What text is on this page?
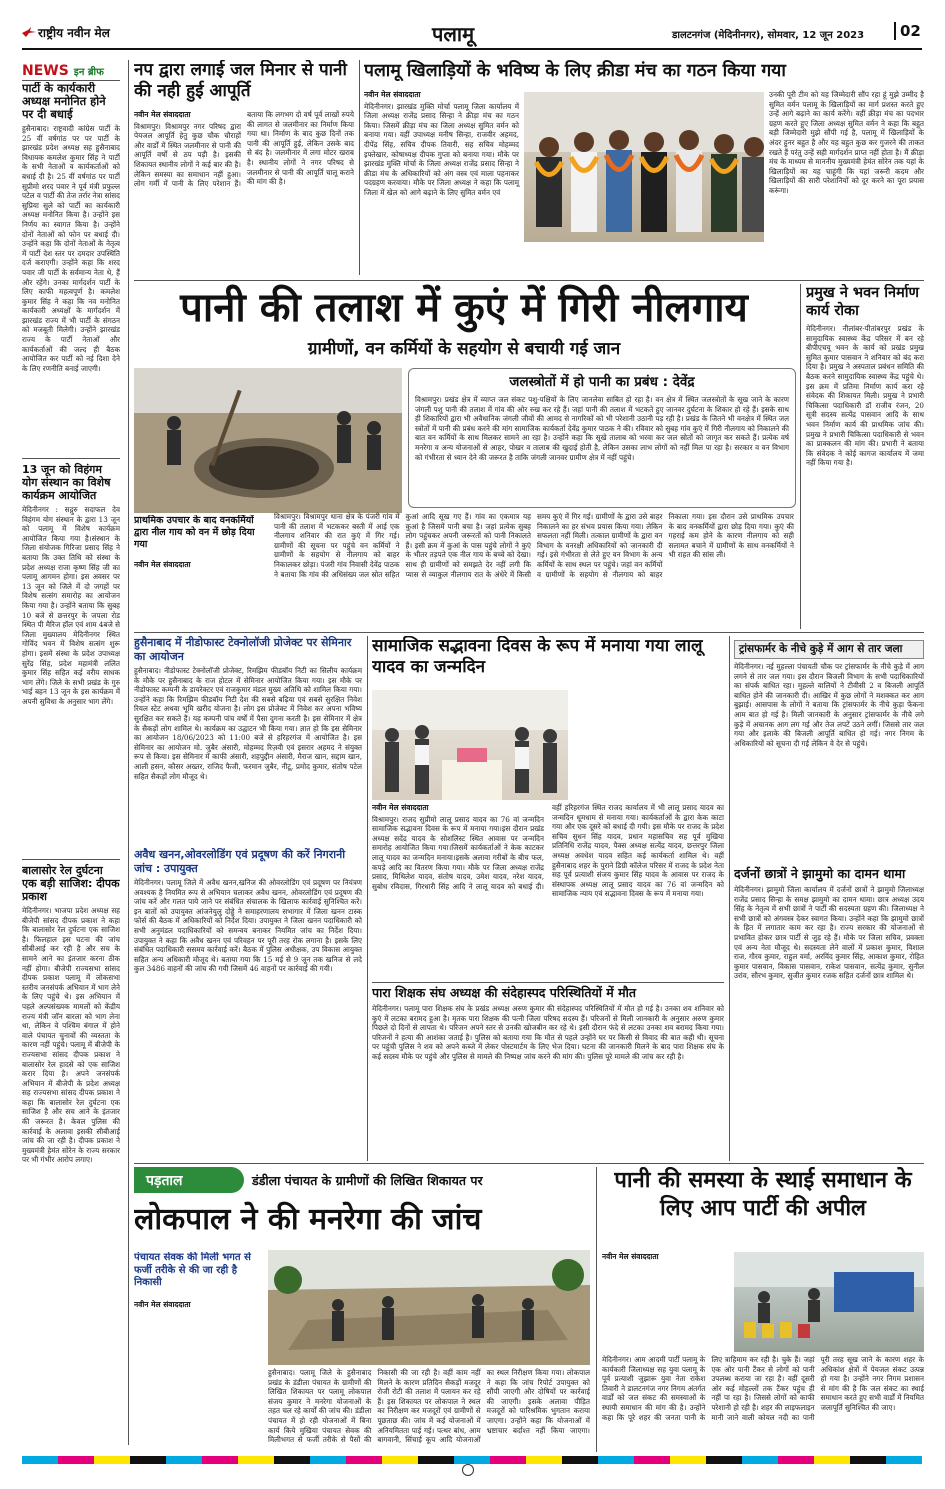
राष्ट्रीय नवीन मेल	पलामू	डालटनगंज (मेदिनीनगर), सोमवार, 12 जून 2023	02
NEWS इन ब्रीफ
पार्टी के कार्यकारी अध्यक्ष मनोनित होने पर दी बधाई
हुसैनाबाद। राष्ट्रवादी कांग्रेस पार्टी के 25 वीं वर्षगांठ पर पर पार्टी के झारखंड प्रदेश अध्यक्ष सह हुसैनाबाद विधायक कमलेश कुमार सिंह ने पार्टी के सभी नेताओं व कार्यकर्ताओं को बधाई दी है। 25 वीं वर्षगांठ पर पार्टी सुप्रीमो शरद पवार ने पूर्व मंत्री प्रफुल्ल पटेल व पार्टी की तेज तर्रार नेत्रा सांसद सुप्रिया सुले को पार्टी का कार्यकारी अध्यक्ष मनोनित किया है। उन्होंने इस निर्णय का स्वागत किया है। उन्होंने दोनों नेताओं को फोन पर बधाई दी। उन्होंने कहा कि दोनों नेताओं के नेतृत्व में पार्टी देश स्तर पर दमदार उपस्थिति दर्ज कराएगी। उन्होंने कहा कि शरद पवार जी पार्टी के सर्वमान्य नेता थे, हैं और रहेंगे। उनका मार्गदर्शन पार्टी के लिए काफी महत्वपूर्ण है। कमलेश कुमार सिंह ने कहा कि नव मनोनित कार्यकारी अध्यक्षों के मार्गदर्शन में झारखंड राज्य में भी पार्टी के संगठन को मजबूती मिलेगी। उन्होंने झारखंड राज्य के पार्टी नेताओं और कार्यकर्ताओं की जल्द ही बैठक आयोजित कर पार्टी को नई दिशा देने के लिए रणनीति बनाई जाएगी।
13 जून को विहंगम योग संस्थान का विशेष कार्यक्रम आयोजित
मेदिनीनगर : सद्गुरु सदाफल देव विहंगम योग संस्थान के द्वारा 13 जून को पलामू में विशेष कार्यक्रम आयोजित किया गया है।संस्थान के जिला संयोजक गिरिजा प्रसाद सिंह ने बताया कि उक्त तिथि को संस्था के प्रदेश अध्यक्ष राजा कृष्ण सिंह जी का पलामू आगमन होगा। इस अवसर पर 13 जून को जिले में दो जगहों पर विशेष सत्संग समारोह का आयोजन किया गया है। उन्होंने बताया कि सुबह 10 बजे से छत्तरपुर के जपला रोड स्थित पी मैरिज हॉल एवं शाम 4बजे से जिला मुख्यालय मेदिनीनगर स्थित गोविंद भवन में विशेष सत्संग शुरू होगा। इसमें संस्था के प्रदेश उपाध्यक्ष सुरेंद्र सिंह, प्रदेश महामंत्री ललित कुमार सिंह सहित कई वरीय साधक भाग लेंगे। जिले के सभी प्रखंड के गुरु भाई बहन 13 जून के इस कार्यक्रम में अपनी सुविधा के अनुसार भाग लेंगे।
बालासोर रेल दुर्घटना एक बड़ी साजिश: दीपक प्रकाश
मेदिनीनगर। भाजपा प्रदेश अध्यक्ष सह बीजेपी सांसद दीपक प्रकाश ने कहा कि बालासोर रेल दुर्घटना एक साजिश है। फिलहाल इस घटना की जांच सीबीआई कर रही है और सच के सामने आने का इंतजार करना ठीक नहीं होगा। बीजेपी राज्यसभा सांसद दीपक प्रकाश पलामू में लोकसभा स्तरीय जनसंपर्क अभियान में भाग लेने के लिए पहुंचे थे। इस अभियान में पहले अल्पसंख्यक मामलों को केंद्रीय राज्य मंत्री जॉन बारला को भाग लेना था, लेकिन वे पश्चिम बंगाल में होने वाले पंचायत चुनावों की व्यस्तता के कारण नहीं पहुंचे। पलामू में बीजेपी के राज्यसभा सांसद दीपक प्रकाश ने बालासोर रेल हादसे को एक साजिश करार दिया है। अपने जनसंपर्क अभियान में बीजेपी के प्रदेश अध्यक्ष सह राज्यसभा सांसद दीपक प्रकाश ने कहा कि बालासोर रेल दुर्घटना एक साजिश है और सच आने के इंतजार की जरूरत है। केवल पुलिस की कार्रवाई के अलावा इसकी सीबीआई जांच की जा रही है। दीपक प्रकाश ने मुख्यमंत्री हेमंत सोरेन के राज्य सरकार पर भी गंभीर आरोप लगाए।
नप द्वारा लगाई जल मिनार से पानी की नही हुई आपूर्ति
नवीन मेल संवाददाता
विश्रामपुर। विश्रामपुर नगर परिषद द्वारा पेयजल आपूर्ति हेतु कुछ चौक चौराहों और वार्डों में स्थित जलमीनार से पानी की आपूर्ति वर्षों से ठप पड़ी है। इसकी शिकायत स्थानीय लोगों ने कई बार की है। लेकिन समस्या का समाधान नहीं हुआ। लोग गर्मी में पानी के लिए परेशान हैं। बताया कि लगभग दो वर्ष पूर्व लाखों रुपये की लागत से जलमीनार का निर्माण किया गया था। निर्माण के बाद कुछ दिनों तक पानी की आपूर्ति हुई, लेकिन उसके बाद से बंद है। जलमीनार में लगा मोटर खराब है। स्थानीय लोगों ने नगर परिषद से जलमीनार से पानी की आपूर्ति चालू कराने की मांग की है।
पलामू खिलाड़ियों के भविष्य के लिए क्रीडा मंच का गठन किया गया
नवीन मेल संवाददाता
मेदिनीनगर। झारखंड मुक्ति मोर्चा पलामू जिला कार्यालय में जिला अध्यक्ष राजेंद्र प्रसाद सिन्हा ने क्रीड़ा मंच का गठन किया। जिसमें क्रीड़ा मंच का जिला अध्यक्ष सुमित वर्मन को बनाया गया। वहीं उपाध्यक्ष मनीष सिन्हा, राजवीर अहमद, दीपेंद्र सिंह, सचिव दीपक तिवारी, सह सचिव मोहम्मद इफ्तेखार, कोषाध्यक्ष दीपक गुप्ता को बनाया गया। मौके पर झारखंड मुक्ति मोर्चा के जिला अध्यक्ष राजेंद्र प्रसाद सिन्हा ने क्रीडा मंच के अधिकारियों को अंग वस्त्र एवं माला पहनाकर पदग्रहण करवाया। मौके पर जिला अध्यक्ष ने कहा कि पलामू जिला में खेल को आगे बढ़ाने के लिए सुमित वर्मन एवं
उनकी पूरी टीम को यह जिम्मेदारी सौंप रहा हूं मुझे उम्मीद है सुमित वर्मन पलामू के खिलाड़ियों का मार्ग प्रशस्त करते हुए उन्हें आगे बढ़ाने का कार्य करेंगे। वहीं क्रीड़ा मंच का पदभार ग्रहण करते हुए जिला अध्यक्ष सुमित वर्मन ने कहा कि बहुत बड़ी जिम्मेदारी मुझे सौंपी गई है, पलामू में खिलाड़ियों के अंदर हुनर बहुत है और यह बहुत कुछ कर गुजरने की ताकत रखते हैं परंतु उन्हें सही मार्गदर्शन प्राप्त नहीं होता है। मैं क्रीड़ा मंच के माध्यम से माननीय मुख्यमंत्री हेमंत सोरेन तक यहां के खिलाड़ियों का यह चाहूंगी कि यहां जरूरी कदम और खिलाड़ियों की सारी परेशानियों को दूर करने का पूरा प्रयास करूंगा।
पानी की तलाश में कुएं में गिरी नीलगाय
ग्रामीणों, वन कर्मियों के सहयोग से बचायी गई जान
प्राथमिक उपचार के बाद वनकर्मियों द्वारा नील गाय को वन में छोड़ दिया गया
नवीन मेल संवाददाता
जलस्त्रोतों में हो पानी का प्रबंध : देवेंद्र
विश्रामपुर। प्रखंड क्षेत्र में व्याप्त जल संकट पशु-पक्षियों के लिए जानलेवा साबित हो रहा है। वन क्षेत्र में स्थित जलस्त्रोतों के सूख जाने के कारण जंगली पशु पानी की तलाश में गांव की ओर रुख कर रहे हैं। जहां पानी की तलाश में भटकते हुए जानवर दुर्घटना के शिकार हो रहे हैं। इसके साथ ही शिकारियों द्वारा भी अवैधानिक जंगली जीवों की आमद से नागरिकों को भी परेशानी उठानी पड़ रही है। प्रखंड के जितने भी वनक्षेत्र में स्थित जल स्त्रोतों में पानी की प्रबंध करने की मांग सामाजिक कार्यकर्ता देवेंद्र कुमार पाठक ने की। रविवार को सुबह गांव कुएं में गिरी नीलगाय को निकालने की बात वन कर्मियों के साथ मिलकर सामने आ रहा है। उन्होंने कहा कि सूखे तालाब को भरवा कर जल स्रोतों को जागृत कर सकते हैं। प्रत्येक वर्ष मनरेगा व अन्य योजनाओं से आहर, पोखर व तालाब की खुदाई होती है, लेकिन उसका लाभ लोगों को नहीं मिल पा रहा है। सरकार व वन विभाग को गंभीरता से ध्यान देने की जरूरत है ताकि जंगली जानवर ग्रामीण क्षेत्र में नहीं पहुंचे।
विश्रामपुर। विश्रामपुर थाना क्षेत्र के पंजरी गांव में पानी की तलाश में भटककर बस्ती में आई एक नीलगाय शनिवार की रात कुएं में गिर गई। ग्रामीणों की सूचना पर पहुंचे वन कर्मियों ने ग्रामीणों के सहयोग से नीलगाय को बाहर निकालकर छोड़ा। पंजरी गांव निवासी देवेंद्र पाठक ने बताया कि गांव की अधिसंख्य जल स्रोत सहित कुआं आदि सूख गए हैं। गांव का एकमात्र यह कुआं है जिसमें पानी बचा है। जहां प्रत्येक सुबह लोग पहुंचकर अपनी जरूरतों को पानी निकालते हैं। इसी क्रम में कुआं के पास पहुंचे लोगों ने कुएं के भीतर तड़पते एक नील गाय के बच्चे को देखा। साथ ही ग्रामीणों को समझते देर नहीं लगी कि प्यास से व्याकुल नीलगाय रात के अंधेरे में किसी समय कुएं में गिर गई। ग्रामीणों के द्वारा उसे बाहर निकालने का हर संभव प्रयास किया गया। लेकिन सफलता नहीं मिली। तत्काल ग्रामीणों के द्वारा वन विभाग के वनरक्षी अधिकारियों को जानकारी दी गई। इसे गंभीरता से लेते हुए वन विभाग के अन्य कर्मियों के साथ स्थल पर पहुंचे। जहां वन कर्मियों व ग्रामीणों के सहयोग से नीलगाय को बाहर निकाला गया। इस दौरान उसे प्राथमिक उपचार के बाद वनकर्मियों द्वारा छोड़ दिया गया। कुएं की गहराई कम होने के कारण नीलगाय को सही सलामत बचाने में ग्रामीणों के साथ वनकर्मियों ने भी राहत की सांस ली।
प्रमुख ने भवन निर्माण कार्य रोका
मेदिनीनगर। नीलांबर-पीतांबरपुर प्रखंड के सामुदायिक स्वास्थ्य केंद्र परिसर में बन रहे बीपीएचयू भवन के कार्य को प्रखंड प्रमुख सुमित कुमार पासवान ने शनिवार को बंद करा दिया है। प्रमुख ने अस्पताल प्रबंधन समिति की बैठक करने सामुदायिक स्वास्थ्य केंद्र पहुंचे थे। इस क्रम में प्रतिमा निर्माण कार्य करा रहे संवेदक की शिकायत मिली। प्रमुख ने प्रभारी चिकित्सा पदाधिकारी डॉ राजीव रंजन, 20 सूत्री सदस्य सत्येंद्र पासवान आदि के साथ भवन निर्माण कार्य की प्राथमिक जांच की। प्रमुख ने प्रभारी चिकित्सा पदाधिकारी से भवन का प्राक्कलन की मांग की। प्रभारी ने बताया कि संवेदक ने कोई कागज कार्यालय में जमा नहीं किया गया है।
हुसैनाबाद में नीडोफास्ट टेक्नोलॉजी प्रोजेक्ट पर सेमिनार का आयोजन
हुसैनाबाद। नीडोफास्ट टेक्नोलॉजी प्रोजेक्ट, रिमझिम फीडबॉय निटी का सिलीय कार्यक्रम के मौके पर हुसैनाबाद के राज होटल में सेमिनार आयोजित किया गया। इस मौके पर नीडोफास्ट कम्पनी के डायरेक्टर एवं राजकुमार मंडल मुख्य अतिथि को शामिल किया गया। उन्होंने कहा कि रिमझिम फीडबॉय निटी देश की सबसे बढ़िया एवं सबसे सुरक्षित निवेश रियल स्टेट अथवा भूमि खरीद योजना है। लोग इस प्रोजेक्ट में निवेश कर अपना भविष्य सुरक्षित कर सकते हैं। यह कम्पनी पांच वर्षों में पैसा दुगना करती है। इस सेमिनार में क्षेत्र के सैकड़ों लोग शामिल थे। कार्यक्रम का उद्घाटन भी किया गया। ज्ञात हो कि इस सेमिनार का आयोजन 18/06/2023 को 11:00 बजे से हरिहरगंज में आयोजित है। इस सेमिनार का आयोजन मो. जुबैर अंसारी, मोहम्मद रिज़वी एवं इसरार अहमद ने संयुक्त रूप से किया। इस सेमिनार में काफी अंसारी, शहपुद्दीन अंसारी, मैराज खान, सद्दाम खान, आली हसन, कौसर अख्तर, राजिद फैजी, फरमान जुबैर, नीटू, प्रमोद कुमार, संतोष पटेल सहित सैकड़ों लोग मौजूद थे।
अवैध खनन,ओवरलोडिंग एवं प्रदूषण की करें निगरानी जांच : उपायुक्त
मेदिनीनगर। पलामू जिले में अवैध खनन,खनिज की ओवरलोडिंग एवं प्रदूषण पर नियंत्रण अवश्यक है नियमित रूप से अभियान चलाकर अवैध खनन, ओवरलोडिंग एवं प्रदूषण की जांच करें और गलत पाये जाने पर संबंधित संचालक के खिलाफ कार्रवाई सुनिश्चित करें। इन बातों को उपायुक्त आंजनेयुलु दोड्डे ने समाहरणालय सभागार में जिला खनन टास्क फोर्स की बैठक में अधिकारियों को निर्देश दिया। उपायुक्त ने जिला खनन पदाधिकारी को सभी अनुमंडल पदाधिकारियों को समन्वय बनाकर नियमित जांच का निर्देश दिया। उपायुक्त ने कहा कि अवैध खनन एवं परिवहन पर पूरी तरह रोक लगाना है। इसके लिए संबंधित पदाधिकारी ससमय कार्रवाई करें। बैठक में पुलिस अधीक्षक, उप विकास आयुक्त सहित अन्य अधिकारी मौजूद थे। बताया गया कि 15 मई से 9 जून तक खनिज से लदे कुल 3486 वाहनों की जांच की गयी जिसमें 46 वाहनों पर कार्रवाई की गयी।
सामाजिक सद्भावना दिवस के रूप में मनाया गया लालू यादव का जन्मदिन
नवीन मेल संवाददाता
विश्रामपुर। राजद सुप्रीमो लालू प्रसाद यादव का 76 वां जन्मदिन सामाजिक सद्भावना दिवस के रूप में मनाया गया।इस दौरान प्रखंड अध्यक्ष सदेंद्र यादव के सोशलिस्ट स्थित आवास पर जन्मदिन समारोह आयोजित किया गया।जिसमें कार्यकर्ताओं ने केक काटकर लालू यादव का जन्मदिन मनाया।इसके अलावा गरीबों के बीच फल, कपड़े आदि का वितरण किया गया। मौके पर जिला अध्यक्ष राजेंद्र प्रसाद, मिथिलेश यादव, संतोष यादव, उमेश यादव, नरेश यादव, सुबोध रविदास, गिरधारी सिंह आदि ने लालू यादव को बधाई दी। वहीं हरिहरगंज स्थित राजद कार्यालय में भी लालू प्रसाद यादव का जन्मदिन धूमधाम से मनाया गया। कार्यकर्ताओं के द्वारा केक काटा गया और एक दूसरे को बधाई दी गयी। इस मौके पर राजद के प्रदेश सचिव सुधन सिंह यादव, प्रधान महासचिव सह पूर्व मुखिया प्रतिनिधि राजेंद्र यादव, पैक्स अध्यक्ष सत्येंद्र यादव, छत्तरपुर जिला अध्यक्ष अवधेश यादव सहित कई कार्यकर्ता शामिल थे। वहीं हुसैनाबाद शहर के पुराने डिग्री कॉलेज परिसर में राजद के प्रदेश नेता सह पूर्व प्रत्याशी संजय कुमार सिंह यादव के आवास पर राजद के संस्थापक अध्यक्ष लालू प्रसाद यादव का 76 वां जन्मदिन को सामाजिक न्याय एवं सद्भावना दिवस के रूप में मनाया गया।
पारा शिक्षक संघ अध्यक्ष की संदेहास्पद परिस्थितियों में मौत
मेदिनीनगर। पलामू पारा शिक्षक संघ के प्रखंड अध्यक्ष अरुण कुमार की संदेहास्पद परिस्थितियों में मौत हो गई है। उनका शव शनिवार को कुएं में लटका बरामद हुआ है। मृतक पारा शिक्षक की पत्नी जिला परिषद सदस्य हैं। परिजनों से मिली जानकारी के अनुसार अरुण कुमार पिछले दो दिनों से लापता थे। परिजन अपने स्तर से उनकी खोजबीन कर रहे थे। इसी दौरान फंदे से लटका उनका शव बरामद किया गया। परिजनों ने हत्या की आशंका जताई है। पुलिस को बताया गया कि मौत से पहले उन्होंने घर पर किसी से विवाद की बात कही थी। सूचना पर पहुंची पुलिस ने शव को अपने कब्जे में लेकर पोस्टमार्टम के लिए भेज दिया। घटना की जानकारी मिलने के बाद पारा शिक्षक संघ के कई सदस्य मौके पर पहुंचे और पुलिस से मामले की निष्पक्ष जांच करने की मांग की। पुलिस पूरे मामले की जांच कर रही है।
ट्रांसफार्मर के नीचे कुड़े में आग से तार जला
मेदिनीनगर। नई मुहल्ला पंचायती चौक पर ट्रांसफार्मर के नीचे कुड़े में आग लगने से तार जल गया। इस दौरान बिजली विभाग के सभी पदाधिकारियों का संपर्क बाधित रहा। मुहल्ले वालियों ने टीवीसी 2 व बिजली आपूर्ति बाधित होने की जानकारी दी। आखिर में कुछ लोगों ने मशक्कत कर आग बुझाई। आसपास के लोगों ने बताया कि ट्रांसफार्मर के नीचे कुड़ा फेंकना आम बात हो गई है। मिली जानकारी के अनुसार ट्रांसफार्मर के नीचे लगे कुड़े में अचानक आग लग गई और तेज लपटें उठने लगीं। जिससे तार जल गया और इलाके की बिजली आपूर्ति बाधित हो गई। नगर निगम के अधिकारियों को सूचना दी गई लेकिन वे देर से पहुंचे।
दर्जनों छात्रों ने झामुमो का दामन थामा
मेदिनीनगर। झामुमो जिला कार्यालय में दर्जनों छात्रों ने झामुमो जिलाध्यक्ष राजेंद्र प्रसाद सिन्हा के समक्ष झामुमो का दामन थामा। छात्र अध्यक्ष उदय सिंह के नेतृत्व में सभी छात्रों ने पार्टी की सदस्यता ग्रहण की। जिलाध्यक्ष ने सभी छात्रों को अंगवस्त्र देकर स्वागत किया। उन्होंने कहा कि झामुमो छात्रों के हित में लगातार काम कर रहा है। राज्य सरकार की योजनाओं से प्रभावित होकर छात्र पार्टी से जुड़ रहे हैं। मौके पर जिला सचिव, प्रवक्ता एवं अन्य नेता मौजूद थे। सदस्यता लेने वालों में प्रकाश कुमार, विशाल राज, गौरव कुमार, राहुल वर्मा, अरविंद कुमार सिंह, आकाश कुमार, रोहित कुमार पासवान, विकास पासवान, राकेश पासवान, सत्येंद्र कुमार, सुनील उरांव, सौरभ कुमार, सुजीत कुमार रजक सहित दर्जनों छात्र शामिल थे।
पड़ताल	डंडीला पंचायत के ग्रामीणों की लिखित शिकायत पर
लोकपाल ने की मनरेगा की जांच
पंचायत सेवक की मिली भगत से फर्जी तरीके से की जा रही है निकासी
नवीन मेल संवाददाता
हुसैनाबाद। पलामू जिले के हुसैनाबाद प्रखंड के डंडीला पंचायत के ग्रामीणों की लिखित शिकायत पर पलामू लोकपाल संजय कुमार ने मनरेगा योजनाओं के तहत चल रहे कार्यों की जांच की। डंडीला पंचायत में हो रही योजनाओं में बिना कार्य किये मुखिया पंचायत सेवक की मिलीभगत से फर्जी तरीके से पैसों की निकासी की जा रही है। वहीं काम नहीं मिलने के कारण प्रतिदिन सैकड़ों मजदूर रोजी रोटी की तलाश में पलायन कर रहे हैं। इस शिकायत पर लोकपाल ने स्थल का निरीक्षण कर मजदूरों एवं ग्रामीणों से पूछताछ की। जांच में कई योजनाओं में अनियमितता पाई गई। पत्थर बांध, आम बागवानी, सिंचाई कूप आदि योजनाओं का स्थल निरीक्षण किया गया। लोकपाल ने कहा कि जांच रिपोर्ट उपायुक्त को सौंपी जाएगी और दोषियों पर कार्रवाई की जाएगी। इसके अलावा पीड़ित मजदूरों को पारिश्रमिक भुगतान कराया जाएगा। उन्होंने कहा कि योजनाओं में भ्रष्टाचार बर्दाश्त नहीं किया जाएगा।
पानी की समस्या के स्थाई समाधान के लिए आप पार्टी की अपील
नवीन मेल संवाददाता
मेदिनीनगर। आम आदमी पार्टी पलामू के कार्यकारी जिलाध्यक्ष सह युवा पलामू के पूर्व प्रत्याशी जुझारू युवा नेता राकेश तिवारी ने डालटनगंज नगर निगम अंतर्गत वार्डों को जल संकट की समस्याओं के स्थायी समाधान की मांग की है। उन्होंने कहा कि पूरे शहर की जनता पानी के लिए त्राहिमाम कर रही है। चुके हैं। जहां एक ओर पानी टैंकर से लोगों को पानी उपलब्ध कराया जा रहा है। वहीं दूसरी ओर कई मोहल्लों तक टैंकर पहुंच ही नहीं पा रहा है। जिससे लोगों को काफी परेशानी हो रही है। शहर की लाइफलाइन मानी जाने वाली कोयल नदी का पानी पूरी तरह सूख जाने के कारण शहर के अधिकांश क्षेत्रों में पेयजल संकट उत्पन्न हो गया है। उन्होंने नगर निगम प्रशासन से मांग की है कि जल संकट का स्थाई समाधान करते हुए सभी वार्डों में नियमित जलापूर्ति सुनिश्चित की जाए।
